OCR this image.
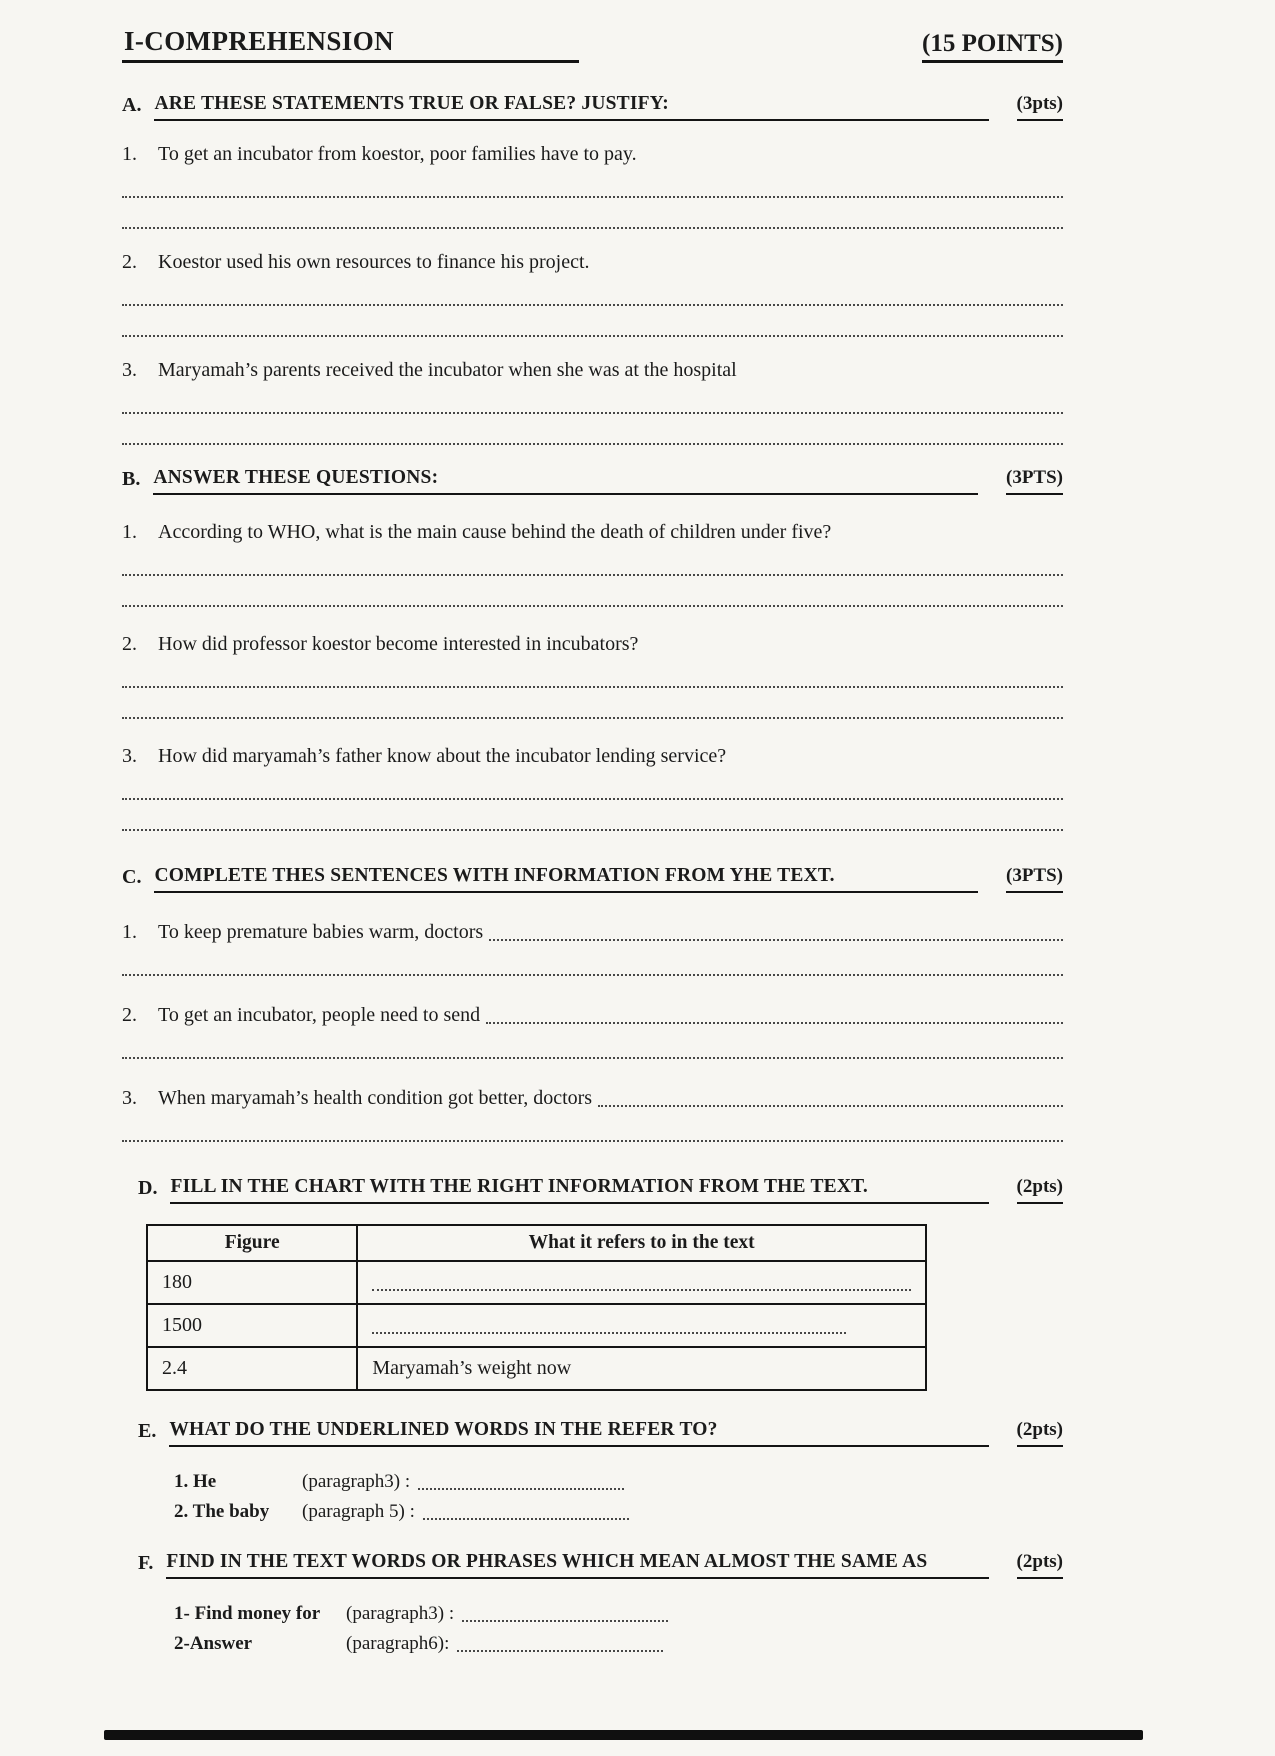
I-COMPREHENSION	(15 POINTS)
A. ARE THESE STATEMENTS TRUE OR FALSE? JUSTIFY:	(3pts)
1.	To get an incubator from koestor, poor families have to pay.
2.	Koestor used his own resources to finance his project.
3.	Maryamah’s parents received the incubator when she was at the hospital
B. ANSWER THESE QUESTIONS:	(3PTS)
1.	According to WHO, what is the main cause behind the death of children under five?
2.	How did professor koestor become interested in incubators?
3.	How did maryamah’s father know about the incubator lending service?
C. COMPLETE THES SENTENCES WITH INFORMATION FROM YHE TEXT.	(3PTS)
1.	To keep premature babies warm, doctors
2.	To get an incubator, people need to send
3.	When maryamah’s health condition got better, doctors
D. FILL IN THE CHART WITH THE RIGHT INFORMATION FROM THE TEXT.	(2pts)
Figure	What it refers to in the text
180	

1500	

2.4	Maryamah’s weight now
E. WHAT DO THE UNDERLINED WORDS IN THE REFER TO?	(2pts)
1. He	(paragraph3) :
2. The baby	(paragraph 5) :
F. FIND IN THE TEXT WORDS OR PHRASES WHICH MEAN ALMOST THE SAME AS	(2pts)
1- Find money for	(paragraph3) :
2-Answer	(paragraph6):
